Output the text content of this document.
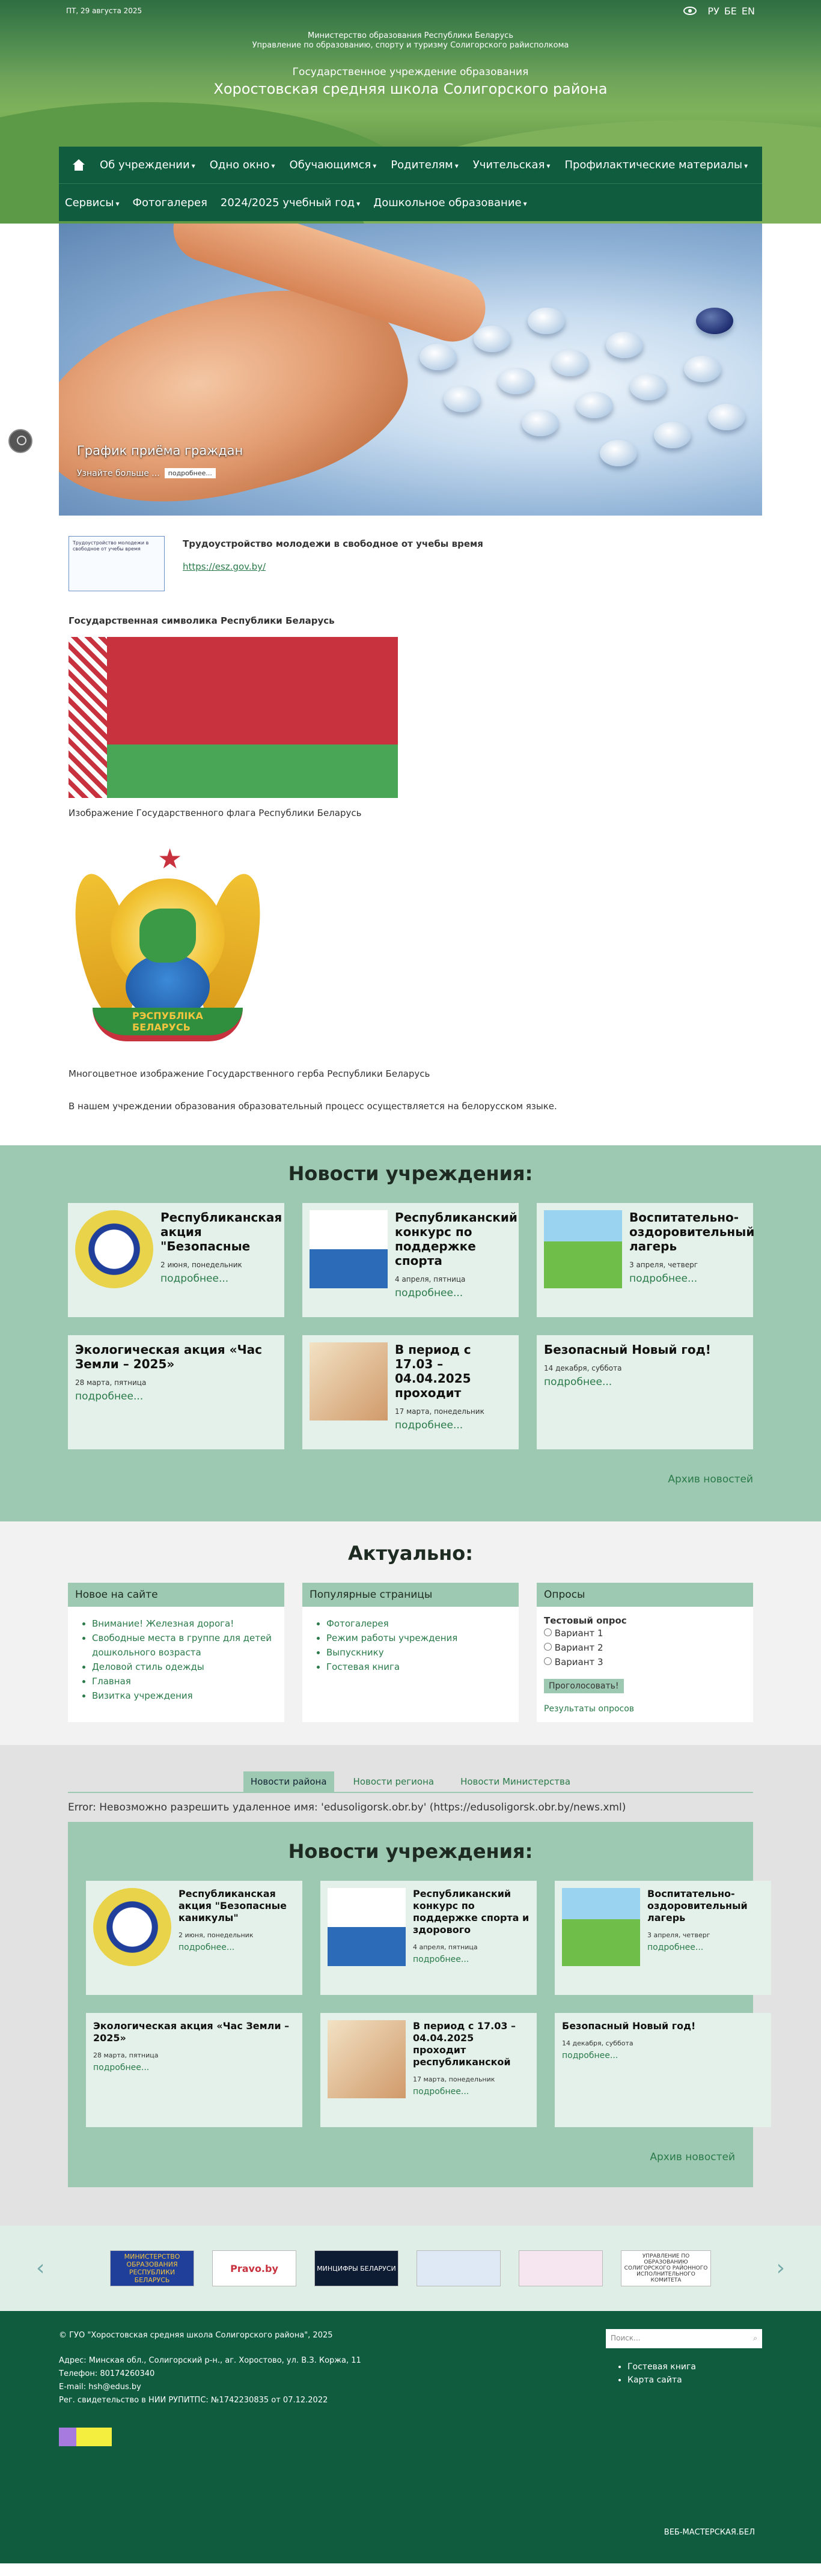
ПТ, 29 августа 2025	РУ БЕ EN
Министерство образования Республики Беларусь
Управление по образованию, спорту и туризму Солигорского райисполкома
Государственное учреждение образования
Хоростовская средняя школа Солигорского района
Об учреждении ▾ Одно окно ▾ Обучающимся ▾ Родителям ▾ Учительская ▾ Профилактические материалы ▾
Сервисы ▾ Фотогалерея 2024/2025 учебный год ▾ Дошкольное образование ▾
График приёма граждан
Узнайте больше ...	подробнее...
Трудоустройство молодежи в свободное от учебы время	Трудоустройство молодежи в свободное от учебы время
https://esz.gov.by/
Государственная символика Республики Беларусь
Изображение Государственного флага Республики Беларусь
★
РЭСПУБЛІКА БЕЛАРУСЬ
Многоцветное изображение Государственного герба Республики Беларусь
В нашем учреждении образования образовательный процесс осуществляется на белорусском языке.
Новости учреждения:
Республиканская акция "Безопасные
2 июня, понедельник
подробнее...
Республиканский конкурс по поддержке спорта
4 апреля, пятница
подробнее...
Воспитательно-оздоровительный лагерь
3 апреля, четверг
подробнее...
Экологическая акция «Час Земли – 2025»
28 марта, пятница
подробнее...
В период с 17.03 – 04.04.2025 проходит
17 марта, понедельник
подробнее...
Безопасный Новый год!
14 декабря, суббота
подробнее...
Архив новостей
Актуально:
Новое на сайте
• Внимание! Железная дорога!
• Свободные места в группе для детей дошкольного возраста
• Деловой стиль одежды
• Главная
• Визитка учреждения
Популярные страницы
• Фотогалерея
• Режим работы учреждения
• Выпускнику
• Гостевая книга
Опросы
Тестовый опрос
Вариант 1
Вариант 2
Вариант 3
Проголосовать!
Результаты опросов
Новости района	Новости региона	Новости Министерства
Error: Невозможно разрешить удаленное имя: 'edusoligorsk.obr.by' (https://edusoligorsk.obr.by/news.xml)
Новости учреждения:
Республиканская акция "Безопасные каникулы"
2 июня, понедельник
подробнее...
Республиканский конкурс по поддержке спорта и здорового
4 апреля, пятница
подробнее...
Воспитательно-оздоровительный лагерь
3 апреля, четверг
подробнее...
Экологическая акция «Час Земли – 2025»
28 марта, пятница
подробнее...
В период с 17.03 – 04.04.2025 проходит республиканской
17 марта, понедельник
подробнее...
Безопасный Новый год!
14 декабря, суббота
подробнее...
Архив новостей
‹	МИНИСТЕРСТВО ОБРАЗОВАНИЯ РЕСПУБЛИКИ БЕЛАРУСЬ
Pravo.by	МИНЦИФРЫ БЕЛАРУСИ
УПРАВЛЕНИЕ ПО ОБРАЗОВАНИЮ СОЛИГОРСКОГО РАЙОННОГО ИСПОЛНИТЕЛЬНОГО КОМИТЕТА	›

© ГУО "Хоростовская средняя школа Солигорского района", 2025

Адрес: Минская обл., Солигорский р-н., аг. Хоростово, ул. В.З. Коржа, 11

Телефон: 80174260340

E-mail: hsh@edus.by

Рег. свидетельство в НИИ РУПИТПС: №1742230835 от 07.12.2022

Поиск...	⌕
• Гостевая книга
• Карта сайта
ВЕБ-МАСТЕРСКАЯ.БЕЛ
